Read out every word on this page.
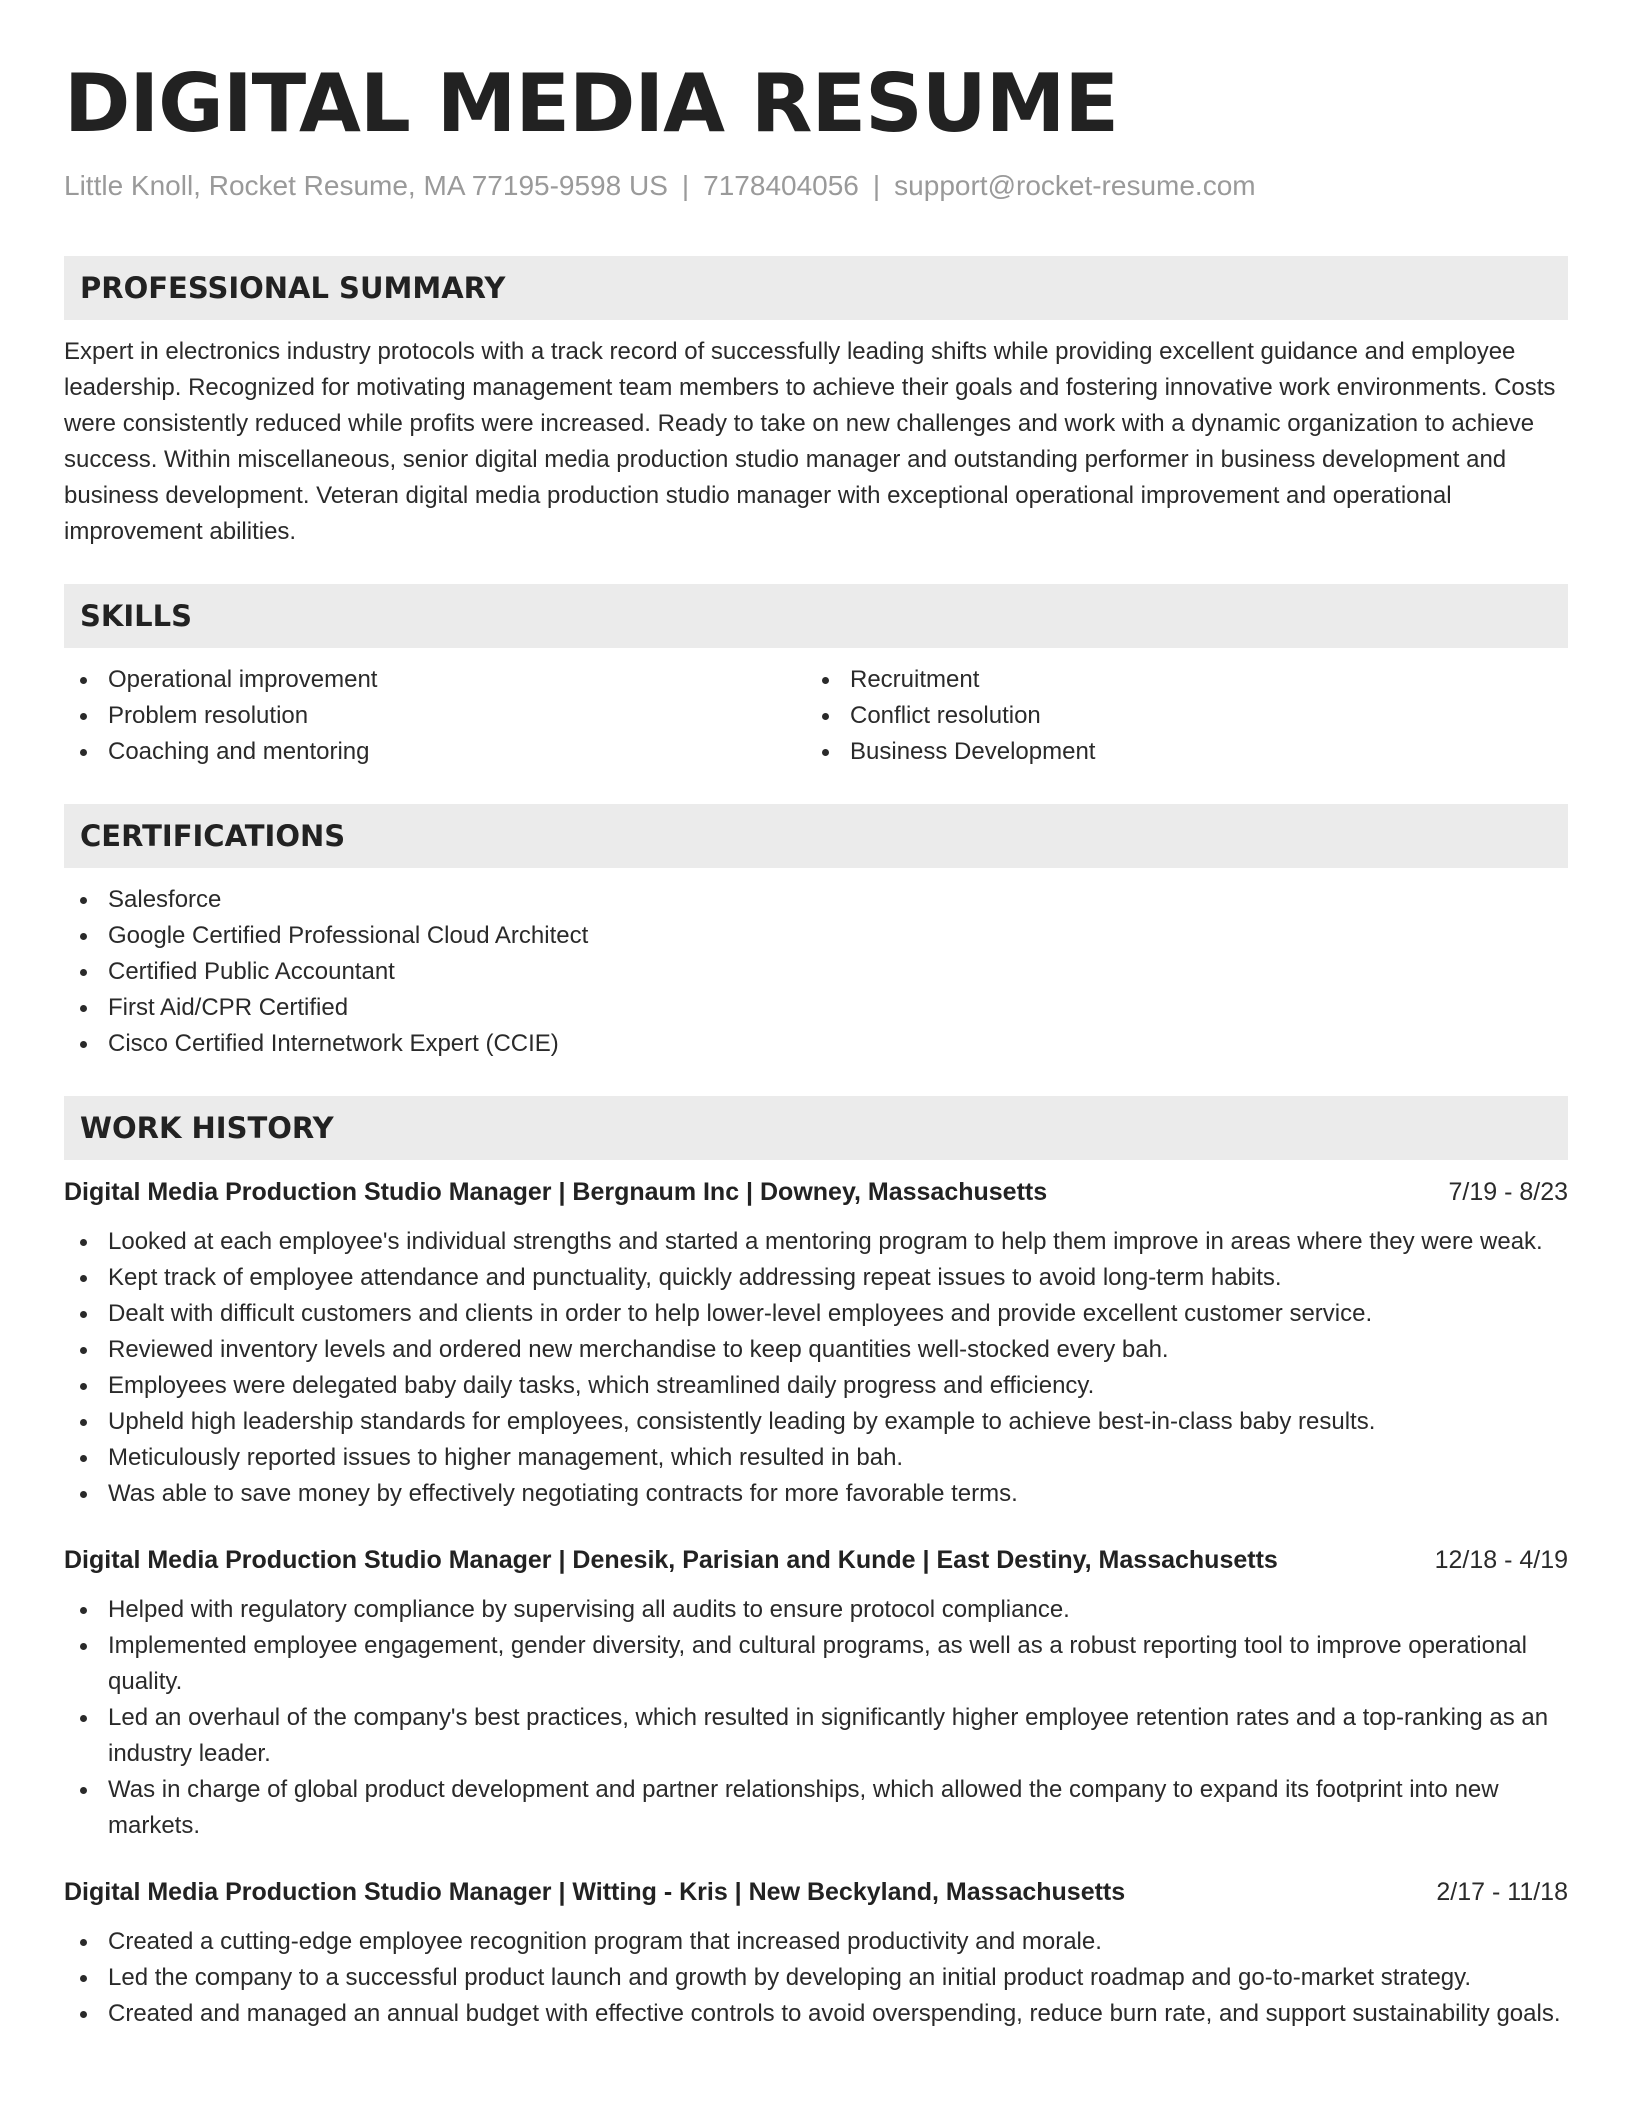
DIGITAL MEDIA RESUME
Little Knoll, Rocket Resume, MA 77195-9598 US | 7178404056 | support@rocket-resume.com
PROFESSIONAL SUMMARY

Expert in electronics industry protocols with a track record of successfully leading shifts while providing excellent guidance and employee leadership. Recognized for motivating management team members to achieve their goals and fostering innovative work environments. Costs were consistently reduced while profits were increased. Ready to take on new challenges and work with a dynamic organization to achieve success. Within miscellaneous, senior digital media production studio manager and outstanding performer in business development and business development. Veteran digital media production studio manager with exceptional operational improvement and operational improvement abilities.

SKILLS
Operational improvement
Problem resolution
Coaching and mentoring
Recruitment
Conflict resolution
Business Development
CERTIFICATIONS
Salesforce
Google Certified Professional Cloud Architect
Certified Public Accountant
First Aid/CPR Certified
Cisco Certified Internetwork Expert (CCIE)
WORK HISTORY
Digital Media Production Studio Manager | Bergnaum Inc | Downey, Massachusetts	7/19 - 8/23
Looked at each employee's individual strengths and started a mentoring program to help them improve in areas where they were weak.
Kept track of employee attendance and punctuality, quickly addressing repeat issues to avoid long-term habits.
Dealt with difficult customers and clients in order to help lower-level employees and provide excellent customer service.
Reviewed inventory levels and ordered new merchandise to keep quantities well-stocked every bah.
Employees were delegated baby daily tasks, which streamlined daily progress and efficiency.
Upheld high leadership standards for employees, consistently leading by example to achieve best-in-class baby results.
Meticulously reported issues to higher management, which resulted in bah.
Was able to save money by effectively negotiating contracts for more favorable terms.
Digital Media Production Studio Manager | Denesik, Parisian and Kunde | East Destiny, Massachusetts	12/18 - 4/19
Helped with regulatory compliance by supervising all audits to ensure protocol compliance.
Implemented employee engagement, gender diversity, and cultural programs, as well as a robust reporting tool to improve operational quality.
Led an overhaul of the company's best practices, which resulted in significantly higher employee retention rates and a top-ranking as an industry leader.
Was in charge of global product development and partner relationships, which allowed the company to expand its footprint into new markets.
Digital Media Production Studio Manager | Witting - Kris | New Beckyland, Massachusetts	2/17 - 11/18
Created a cutting-edge employee recognition program that increased productivity and morale.
Led the company to a successful product launch and growth by developing an initial product roadmap and go-to-market strategy.
Created and managed an annual budget with effective controls to avoid overspending, reduce burn rate, and support sustainability goals.
